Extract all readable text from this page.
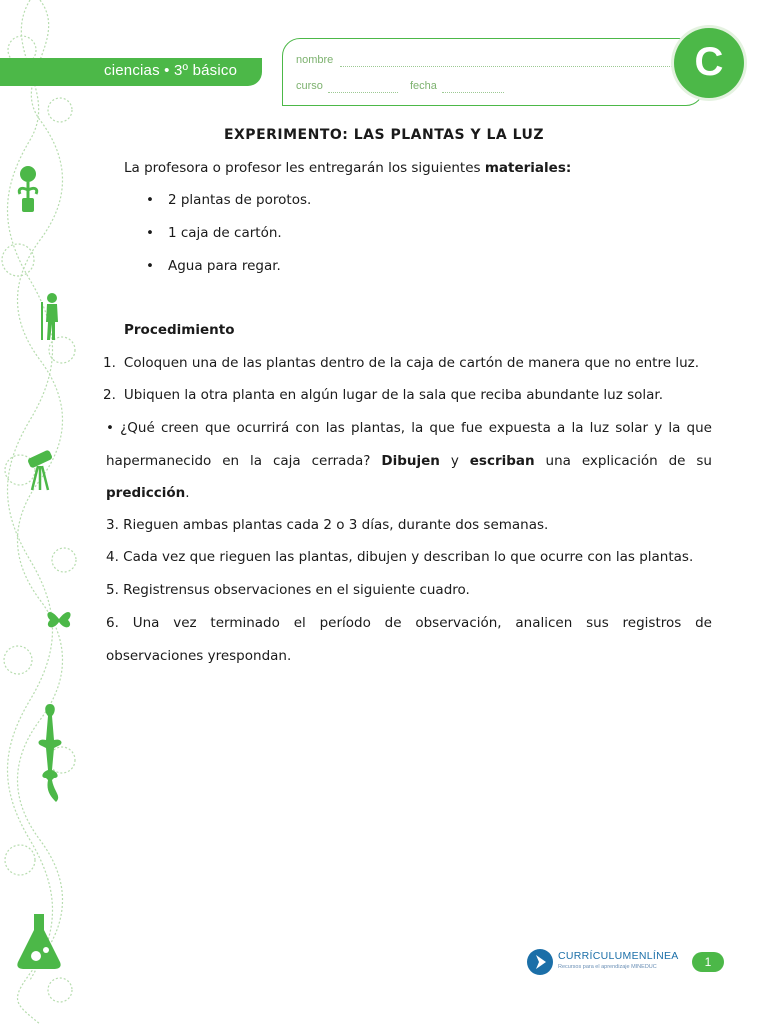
ciencias • 3º básico
nombre
curso	fecha
C
EXPERIMENTO: LAS PLANTAS Y LA LUZ
La profesora o profesor les entregarán los siguientes materiales:
• 2 plantas de porotos.
• 1 caja de cartón.
• Agua para regar.
Procedimiento
1. Coloquen una de las plantas dentro de la caja de cartón de manera que no entre luz.
2. Ubiquen la otra planta en algún lugar de la sala que reciba abundante luz solar.
• ¿Qué creen que ocurrirá con las plantas, la que fue expuesta a la luz solar y la que
hapermanecido en la caja cerrada? Dibujen y escriban una explicación de su
predicción.
3. Rieguen ambas plantas cada 2 o 3 días, durante dos semanas.
4. Cada vez que rieguen las plantas, dibujen y describan lo que ocurre con las plantas.
5. Registrensus observaciones en el siguiente cuadro.
6. Una vez terminado el período de observación, analicen sus registros de
observaciones yrespondan.
CURRÍCULUMENLÍNEA
Recursos para el aprendizaje MINEDUC	1
